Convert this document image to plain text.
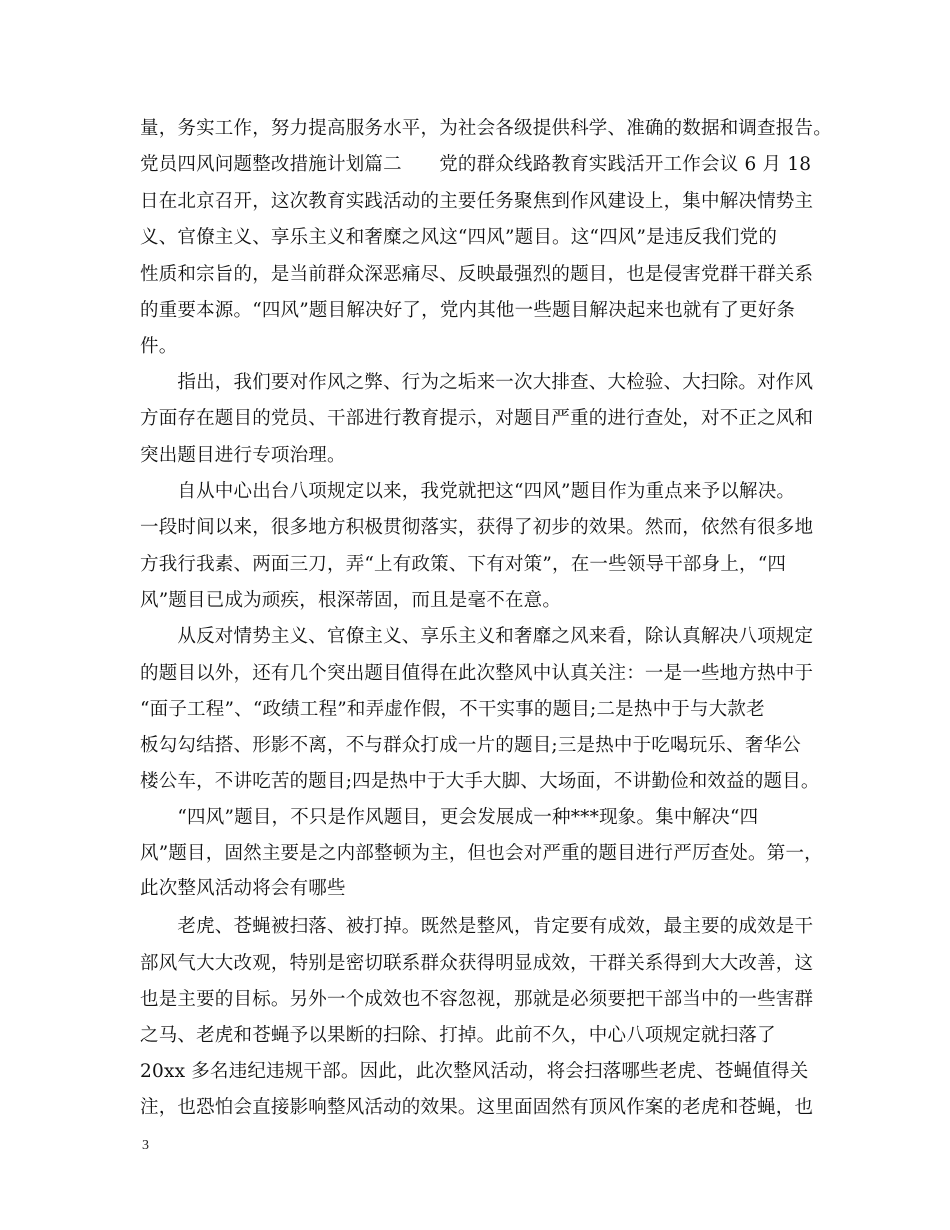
量，务实工作，努力提高服务水平，为社会各级提供科学、准确的数据和调查报告。
党员四风问题整改措施计划篇二　　党的群众线路教育实践活开工作会议 6 月 18
日在北京召开，这次教育实践活动的主要任务聚焦到作风建设上，集中解决情势主
义、官僚主义、享乐主义和奢糜之风这“四风”题目。这“四风”是违反我们党的
性质和宗旨的，是当前群众深恶痛尽、反映最强烈的题目，也是侵害党群干群关系
的重要本源。“四风”题目解决好了，党内其他一些题目解决起来也就有了更好条
件。
　　指出，我们要对作风之弊、行为之垢来一次大排查、大检验、大扫除。对作风
方面存在题目的党员、干部进行教育提示，对题目严重的进行查处，对不正之风和
突出题目进行专项治理。
　　自从中心出台八项规定以来，我党就把这“四风”题目作为重点来予以解决。
一段时间以来，很多地方积极贯彻落实，获得了初步的效果。然而，依然有很多地
方我行我素、两面三刀，弄“上有政策、下有对策”，在一些领导干部身上，“四
风”题目已成为顽疾，根深蒂固，而且是毫不在意。
　　从反对情势主义、官僚主义、享乐主义和奢靡之风来看，除认真解决八项规定
的题目以外，还有几个突出题目值得在此次整风中认真关注：一是一些地方热中于
“面子工程”、“政绩工程”和弄虚作假，不干实事的题目;二是热中于与大款老
板勾勾结搭、形影不离，不与群众打成一片的题目;三是热中于吃喝玩乐、奢华公
楼公车，不讲吃苦的题目;四是热中于大手大脚、大场面，不讲勤俭和效益的题目。
　　“四风”题目，不只是作风题目，更会发展成一种***现象。集中解决“四
风”题目，固然主要是之内部整顿为主，但也会对严重的题目进行严厉查处。第一，
此次整风活动将会有哪些
　　老虎、苍蝇被扫落、被打掉。既然是整风，肯定要有成效，最主要的成效是干
部风气大大改观，特别是密切联系群众获得明显成效，干群关系得到大大改善，这
也是主要的目标。另外一个成效也不容忽视，那就是必须要把干部当中的一些害群
之马、老虎和苍蝇予以果断的扫除、打掉。此前不久，中心八项规定就扫落了
20xx 多名违纪违规干部。因此，此次整风活动，将会扫落哪些老虎、苍蝇值得关
注，也恐怕会直接影响整风活动的效果。这里面固然有顶风作案的老虎和苍蝇，也
3
